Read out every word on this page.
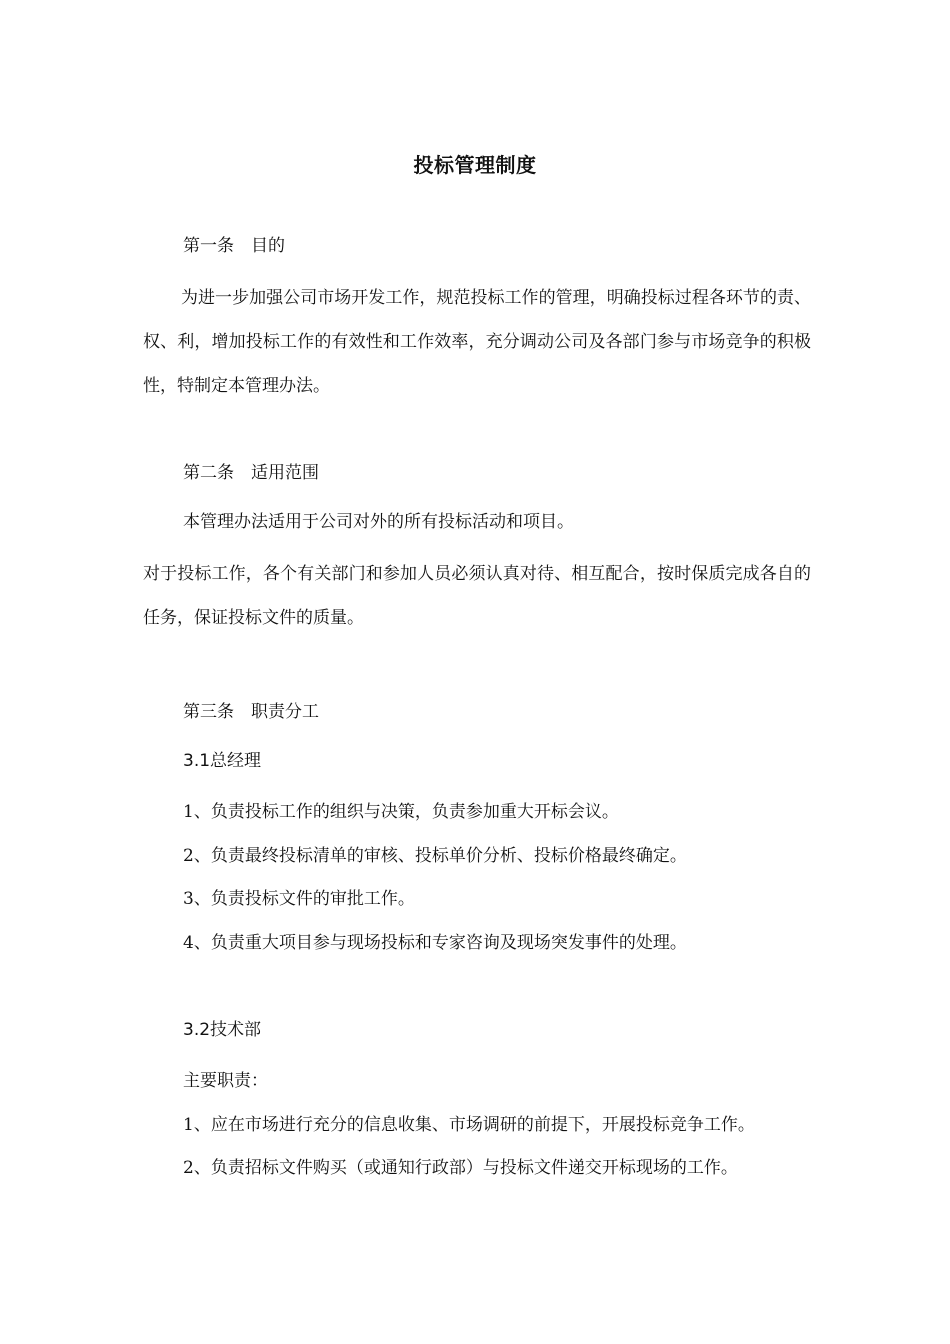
投标管理制度
第一条　目的
为进一步加强公司市场开发工作，规范投标工作的管理，明确投标过程各环节的责、权、利，增加投标工作的有效性和工作效率，充分调动公司及各部门参与市场竞争的积极性，特制定本管理办法。
第二条　适用范围
本管理办法适用于公司对外的所有投标活动和项目。
对于投标工作，各个有关部门和参加人员必须认真对待、相互配合，按时保质完成各自的任务，保证投标文件的质量。
第三条　职责分工
3.1总经理
1、负责投标工作的组织与决策，负责参加重大开标会议。
2、负责最终投标清单的审核、投标单价分析、投标价格最终确定。
3、负责投标文件的审批工作。
4、负责重大项目参与现场投标和专家咨询及现场突发事件的处理。
3.2技术部
主要职责：
1、应在市场进行充分的信息收集、市场调研的前提下，开展投标竞争工作。
2、负责招标文件购买（或通知行政部）与投标文件递交开标现场的工作。
